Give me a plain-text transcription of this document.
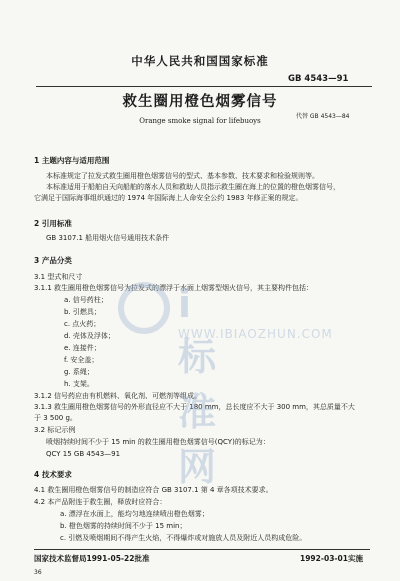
中华人民共和国国家标准
GB 4543—91
救生圈用橙色烟雾信号
代替 GB 4543—84
Orange smoke signal for lifebuoys
1 主题内容与适用范围
本标准规定了拉发式救生圈用橙色烟雾信号的型式、基本参数、技术要求和检验规则等。
本标准适用于船舶自天向船舶的落水人员和救助人员指示救生圈在海上的位置的橙色烟雾信号，
它满足于国际海事组织通过的 1974 年国际海上人命安全公约 1983 年修正案的规定。
2 引用标准
GB 3107.1 船用烟火信号通用技术条件
3 产品分类
3.1 型式和尺寸
3.1.1 救生圈用橙色烟雾信号为拉发式的漂浮于水面上烟雾型烟火信号，其主要构件包括：
a. 信号药柱；
b. 引燃具；
c. 点火药；
d. 壳体及浮体；
e. 连接件；
f. 安全盖；
g. 系绳；
h. 支架。
3.1.2 信号药应由有机燃料、氧化剂、可燃剂等组成。
3.1.3 救生圈用橙色烟雾信号的外形直径应不大于 180 mm，总长度应不大于 300 mm，其总质量不大
于 3 500 g。
3.2 标记示例
喷烟持续时间不少于 15 min 的救生圈用橙色烟雾信号(QCY)的标记为：
QCY 15 GB 4543—91
4 技术要求
4.1 救生圈用橙色烟雾信号的制造应符合 GB 3107.1 第 4 章各项技术要求。
4.2 本产品附连于救生圈，释放时应符合：
a. 漂浮在水面上，能均匀地连续喷出橙色烟雾；
b. 橙色烟雾的持续时间不少于 15 min；
c. 引燃及喷烟期间不得产生火焰，不得爆炸或对施放人员及附近人员构成危险。
国家技术监督局1991-05-22批准	1992-03-01实施
36
i标准网
WWW.IBIAOZHUN.COM
